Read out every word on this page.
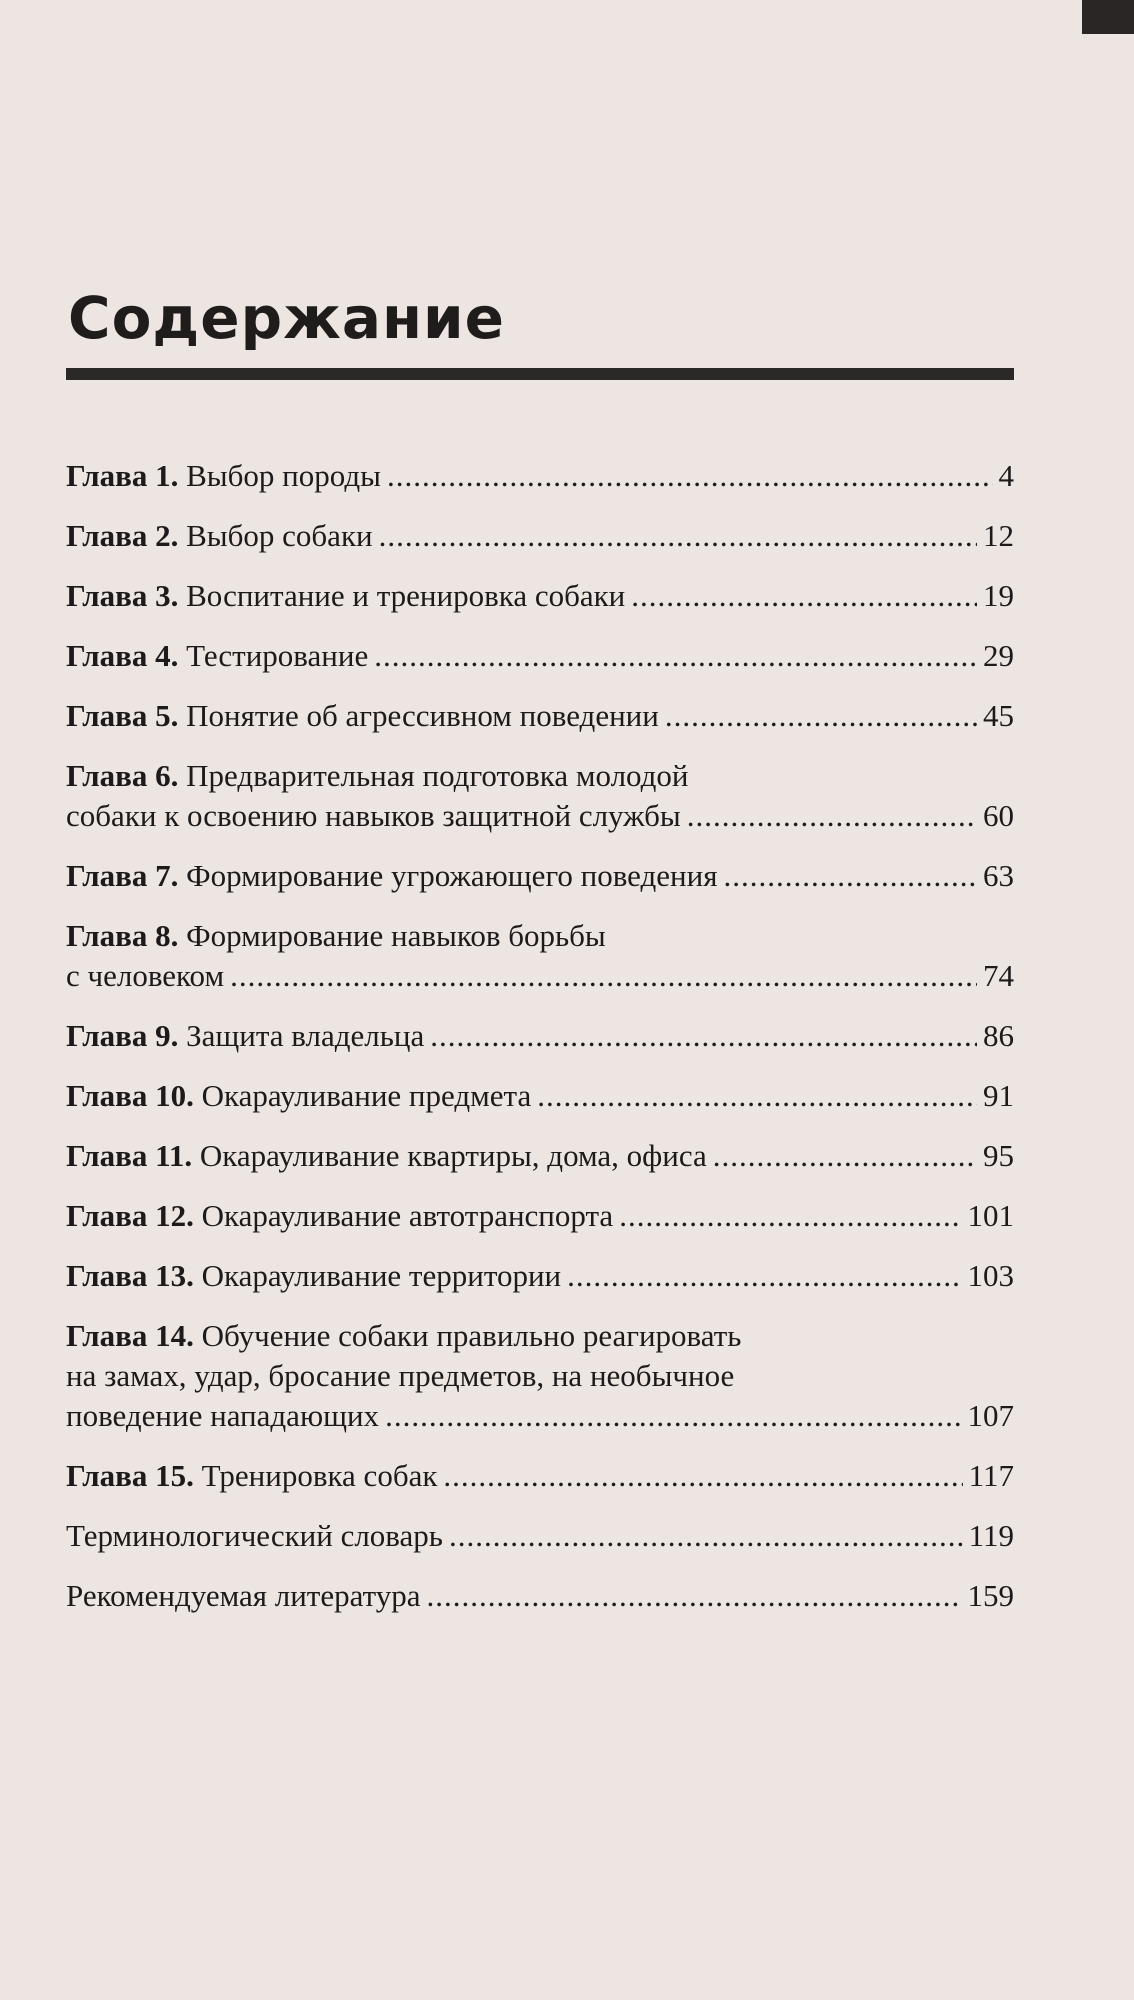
Содержание
Глава 1.
Выбор породы .....	4
Глава 2.
Выбор собаки .....	12
Глава 3.
Воспитание и тренировка собаки .....	19
Глава 4.
Тестирование .....	29
Глава 5.
Понятие об агрессивном поведении .....	45
Глава 6. Предварительная подготовка молодой
собаки к освоению навыков защитной службы .....	60
Глава 7.
Формирование угрожающего поведения .....	63
Глава 8. Формирование навыков борьбы
с человеком .....	74
Глава 9.
Защита владельца .....	86
Глава 10.
Окарауливание предмета .....	91
Глава 11.
Окарауливание квартиры, дома, офиса .....	95
Глава 12.
Окарауливание автотранспорта .....	101
Глава 13.
Окарауливание территории .....	103
Глава 14. Обучение собаки правильно реагировать
на замах, удар, бросание предметов, на необычное
поведение нападающих .....	107
Глава 15.
Тренировка собак .....	117
Терминологический словарь .....	119
Рекомендуемая литература .....	159
